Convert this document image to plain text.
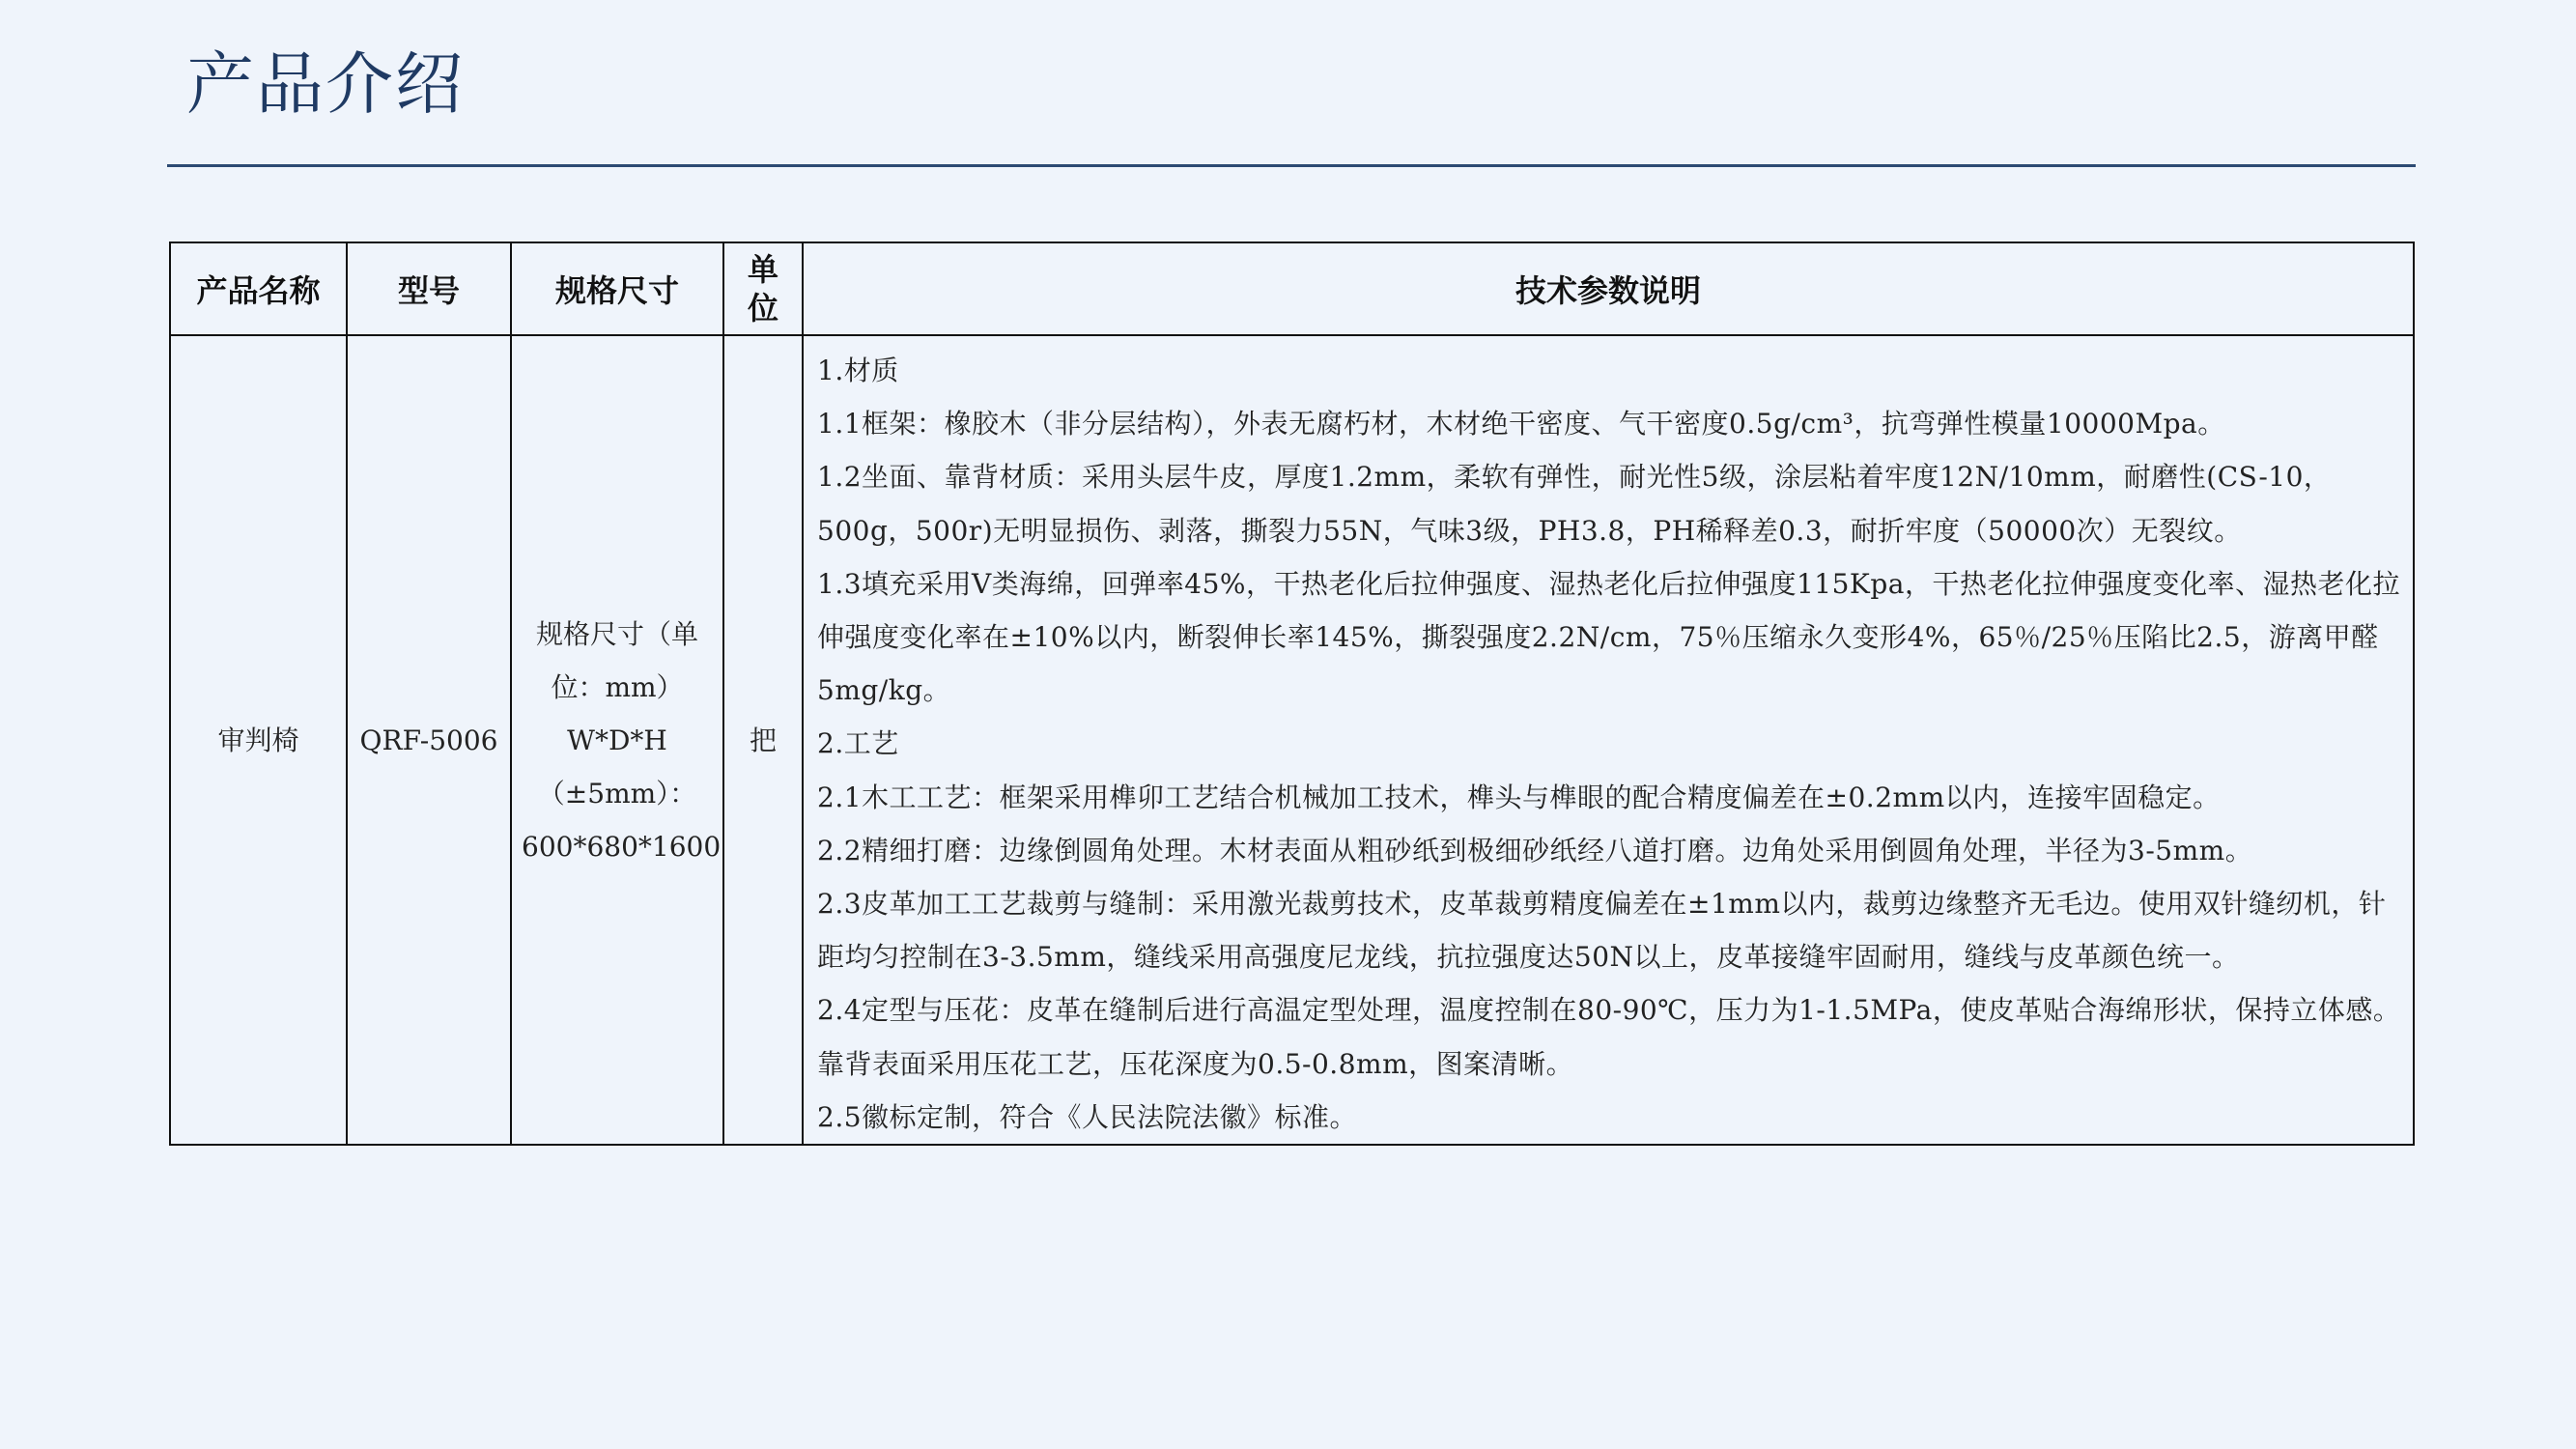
产品介绍
产品名称	型号	规格尺寸	单位	技术参数说明
审判椅	QRF-5006	规格尺寸（单位：mm）W*D*H（±5mm）：600*680*1600	把	
1.材质
1.1框架：橡胶木（非分层结构），外表无腐朽材，木材绝干密度、气干密度0.5g/cm³，抗弯弹性模量10000Mpa。
1.2坐面、靠背材质：采用头层牛皮，厚度1.2mm，柔软有弹性，耐光性5级，涂层粘着牢度12N/10mm，耐磨性(CS-10，500g，500r)无明显损伤、剥落，撕裂力55N，气味3级，PH3.8，PH稀释差0.3，耐折牢度（50000次）无裂纹。
1.3填充采用V类海绵，回弹率45%，干热老化后拉伸强度、湿热老化后拉伸强度115Kpa，干热老化拉伸强度变化率、湿热老化拉伸强度变化率在±10%以内，断裂伸长率145%，撕裂强度2.2N/cm，75％压缩永久变形4%，65％/25％压陷比2.5，游离甲醛5mg/kg。
2.工艺
2.1木工工艺：框架采用榫卯工艺结合机械加工技术，榫头与榫眼的配合精度偏差在±0.2mm以内，连接牢固稳定。
2.2精细打磨：边缘倒圆角处理。木材表面从粗砂纸到极细砂纸经八道打磨。边角处采用倒圆角处理，半径为3-5mm。
2.3皮革加工工艺裁剪与缝制：采用激光裁剪技术，皮革裁剪精度偏差在±1mm以内，裁剪边缘整齐无毛边。使用双针缝纫机，针距均匀控制在3-3.5mm，缝线采用高强度尼龙线，抗拉强度达50N以上，皮革接缝牢固耐用，缝线与皮革颜色统一。
2.4定型与压花：皮革在缝制后进行高温定型处理，温度控制在80-90℃，压力为1-1.5MPa，使皮革贴合海绵形状，保持立体感。靠背表面采用压花工艺，压花深度为0.5-0.8mm，图案清晰。
2.5徽标定制，符合《人民法院法徽》标准。
